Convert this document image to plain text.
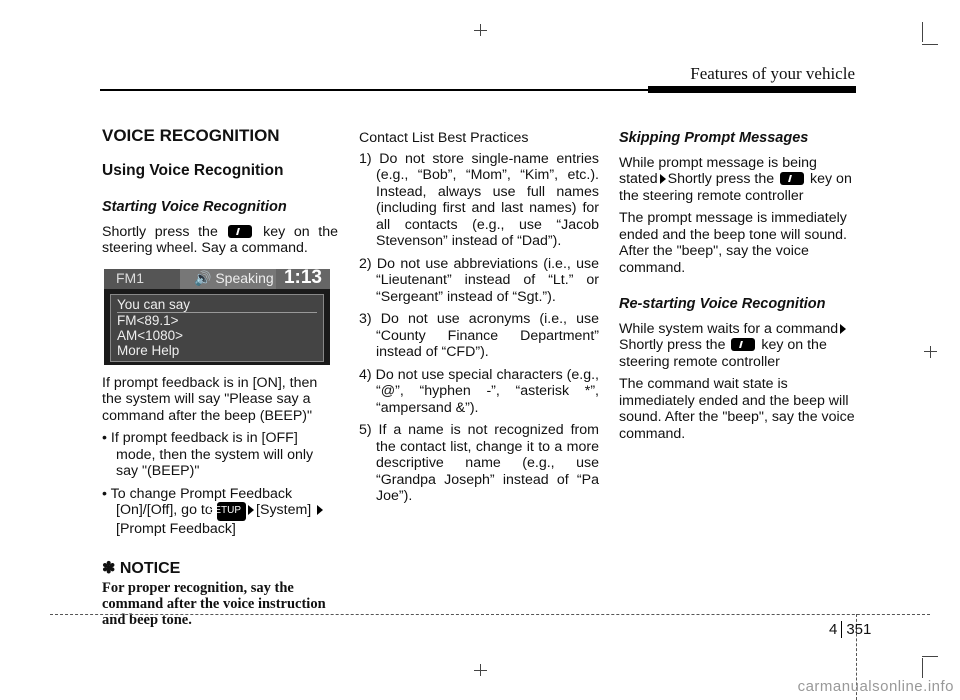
Features of your vehicle
VOICE RECOGNITION
Using Voice Recognition
Starting Voice Recognition

Shortly press the	key on the steering wheel. Say a command.

FM1	🔊 Speaking 1:13
You can say
FM<89.1>
AM<1080>
More Help

If prompt feedback is in [ON], then the system will say "Please say a command after the beep (BEEP)"

• If prompt feedback is in [OFF] mode, then the system will only say "(BEEP)"

• To change Prompt Feedback [On]/[Off], go to SETUP [System] [Prompt Feedback]

✽ NOTICE
For proper recognition, say the command after the voice instruction and beep tone.

Contact List Best Practices

1) Do not store single-name entries (e.g., “Bob”, “Mom”, “Kim”, etc.). Instead, always use full names (including first and last names) for all contacts (e.g., use “Jacob Stevenson” instead of “Dad”).

2) Do not use abbreviations (i.e., use “Lieutenant” instead of “Lt.” or “Sergeant” instead of “Sgt.”).

3) Do not use acronyms (i.e., use “County Finance Department” instead of “CFD”).

4) Do not use special characters (e.g., “@”, “hyphen -”, “asterisk *”, “ampersand &”).

5) If a name is not recognized from the contact list, change it to a more descriptive name (e.g., use “Grandpa Joseph” instead of “Pa Joe”).

Skipping Prompt Messages

While prompt message is being stated Shortly press the	key on the steering remote controller

The prompt message is immediately ended and the beep tone will sound. After the "beep", say the voice command.

Re-starting Voice Recognition

While system waits for a command Shortly press the	key on the steering remote controller

The command wait state is immediately ended and the beep will sound. After the "beep", say the voice command.

4 351
carmanualsonline.info
